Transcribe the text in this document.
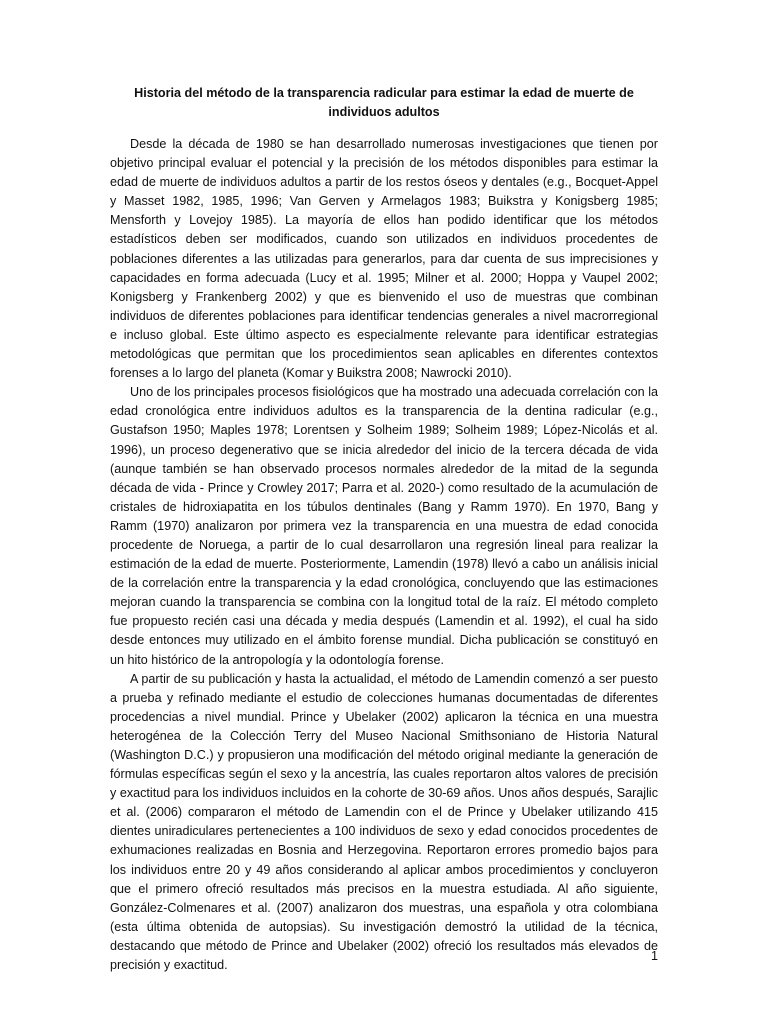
Historia del método de la transparencia radicular para estimar la edad de muerte de individuos adultos

Desde la década de 1980 se han desarrollado numerosas investigaciones que tienen por objetivo principal evaluar el potencial y la precisión de los métodos disponibles para estimar la edad de muerte de individuos adultos a partir de los restos óseos y dentales (e.g., Bocquet-Appel y Masset 1982, 1985, 1996; Van Gerven y Armelagos 1983; Buikstra y Konigsberg 1985; Mensforth y Lovejoy 1985). La mayoría de ellos han podido identificar que los métodos estadísticos deben ser modificados, cuando son utilizados en individuos procedentes de poblaciones diferentes a las utilizadas para generarlos, para dar cuenta de sus imprecisiones y capacidades en forma adecuada (Lucy et al. 1995; Milner et al. 2000; Hoppa y Vaupel 2002; Konigsberg y Frankenberg 2002) y que es bienvenido el uso de muestras que combinan individuos de diferentes poblaciones para identificar tendencias generales a nivel macrorregional e incluso global. Este último aspecto es especialmente relevante para identificar estrategias metodológicas que permitan que los procedimientos sean aplicables en diferentes contextos forenses a lo largo del planeta (Komar y Buikstra 2008; Nawrocki 2010).

Uno de los principales procesos fisiológicos que ha mostrado una adecuada correlación con la edad cronológica entre individuos adultos es la transparencia de la dentina radicular (e.g., Gustafson 1950; Maples 1978; Lorentsen y Solheim 1989; Solheim 1989; López-Nicolás et al. 1996), un proceso degenerativo que se inicia alrededor del inicio de la tercera década de vida (aunque también se han observado procesos normales alrededor de la mitad de la segunda década de vida - Prince y Crowley 2017; Parra et al. 2020-) como resultado de la acumulación de cristales de hidroxiapatita en los túbulos dentinales (Bang y Ramm 1970). En 1970, Bang y Ramm (1970) analizaron por primera vez la transparencia en una muestra de edad conocida procedente de Noruega, a partir de lo cual desarrollaron una regresión lineal para realizar la estimación de la edad de muerte. Posteriormente, Lamendin (1978) llevó a cabo un análisis inicial de la correlación entre la transparencia y la edad cronológica, concluyendo que las estimaciones mejoran cuando la transparencia se combina con la longitud total de la raíz. El método completo fue propuesto recién casi una década y media después (Lamendin et al. 1992), el cual ha sido desde entonces muy utilizado en el ámbito forense mundial. Dicha publicación se constituyó en un hito histórico de la antropología y la odontología forense.

A partir de su publicación y hasta la actualidad, el método de Lamendin comenzó a ser puesto a prueba y refinado mediante el estudio de colecciones humanas documentadas de diferentes procedencias a nivel mundial. Prince y Ubelaker (2002) aplicaron la técnica en una muestra heterogénea de la Colección Terry del Museo Nacional Smithsoniano de Historia Natural (Washington D.C.) y propusieron una modificación del método original mediante la generación de fórmulas específicas según el sexo y la ancestría, las cuales reportaron altos valores de precisión y exactitud para los individuos incluidos en la cohorte de 30-69 años. Unos años después, Sarajlic et al. (2006) compararon el método de Lamendin con el de Prince y Ubelaker utilizando 415 dientes uniradiculares pertenecientes a 100 individuos de sexo y edad conocidos procedentes de exhumaciones realizadas en Bosnia and Herzegovina. Reportaron errores promedio bajos para los individuos entre 20 y 49 años considerando al aplicar ambos procedimientos y concluyeron que el primero ofreció resultados más precisos en la muestra estudiada. Al año siguiente, González-Colmenares et al. (2007) analizaron dos muestras, una española y otra colombiana (esta última obtenida de autopsias). Su investigación demostró la utilidad de la técnica, destacando que método de Prince and Ubelaker (2002) ofreció los resultados más elevados de precisión y exactitud.

1
